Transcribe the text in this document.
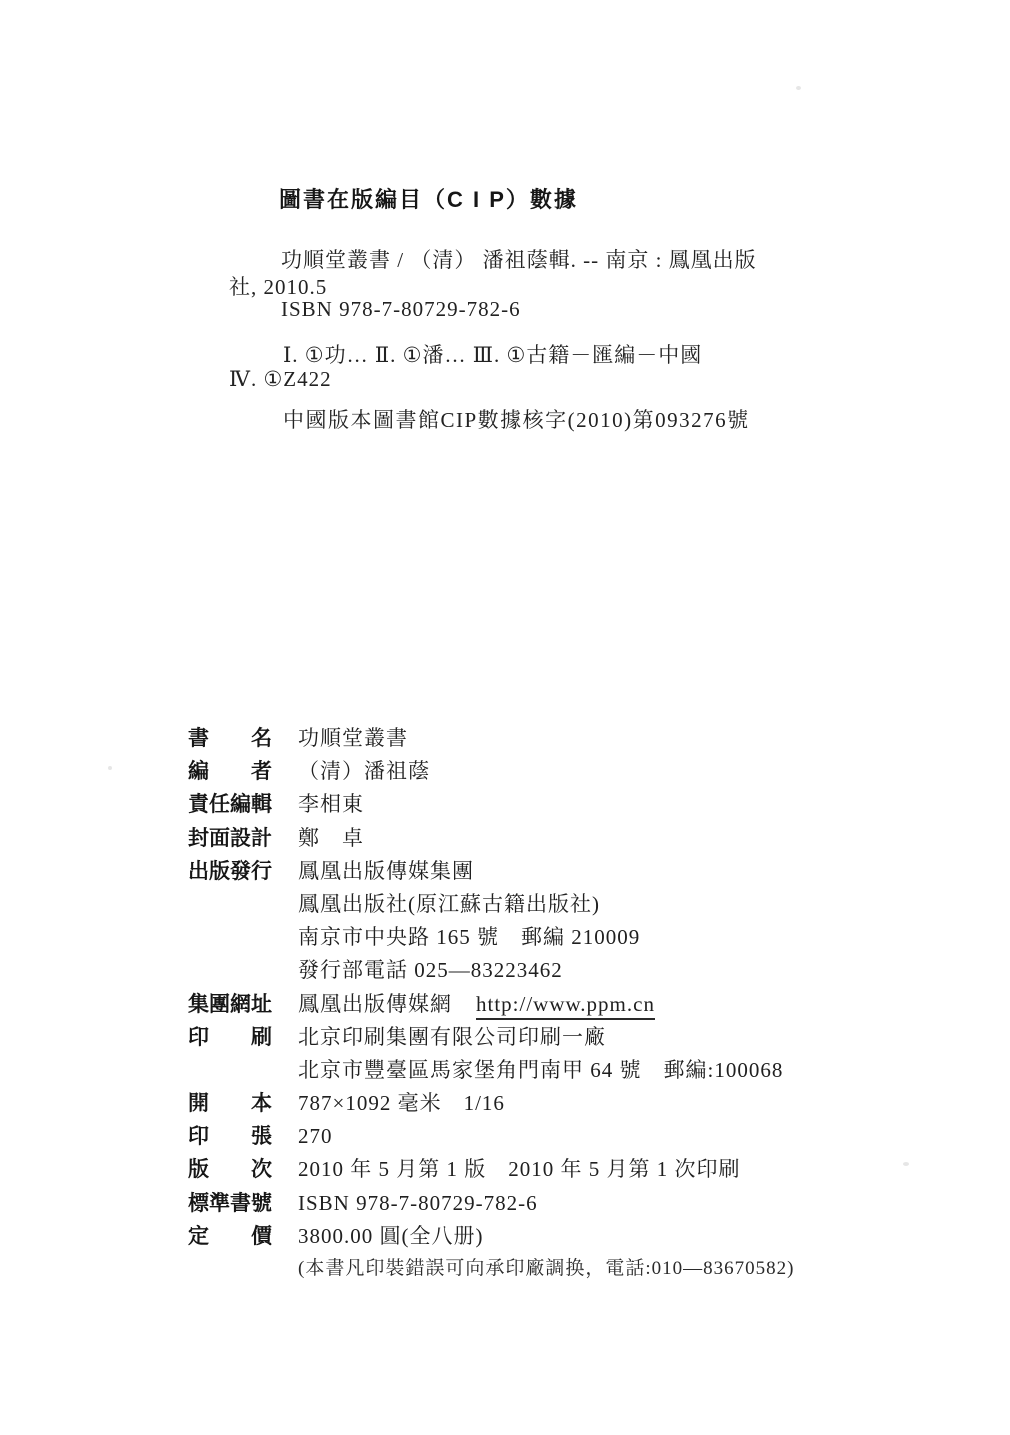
圖書在版編目（C I P）數據
功順堂叢書 / （清） 潘祖蔭輯. -- 南京 : 鳳凰出版
社, 2010.5
ISBN 978-7-80729-782-6
Ⅰ. ①功… Ⅱ. ①潘… Ⅲ. ①古籍－匯編－中國
Ⅳ. ①Z422
中國版本圖書館CIP數據核字(2010)第093276號
書　　名	功順堂叢書
編　　者	（清）潘祖蔭
責任編輯	李相東
封面設計	鄭　卓
出版發行	鳳凰出版傳媒集團
鳳凰出版社(原江蘇古籍出版社)
南京市中央路 165 號　郵編 210009
發行部電話 025—83223462
集團網址	鳳凰出版傳媒網 http://www.ppm.cn
印　　刷	北京印刷集團有限公司印刷一廠
北京市豐臺區馬家堡角門南甲 64 號　郵編:100068
開　　本	787×1092 毫米　1/16
印　　張	270
版　　次	2010 年 5 月第 1 版　2010 年 5 月第 1 次印刷
標準書號	ISBN 978-7-80729-782-6
定　　價	3800.00 圓(全八册)
(本書凡印裝錯誤可向承印廠調换，電話:010—83670582)
